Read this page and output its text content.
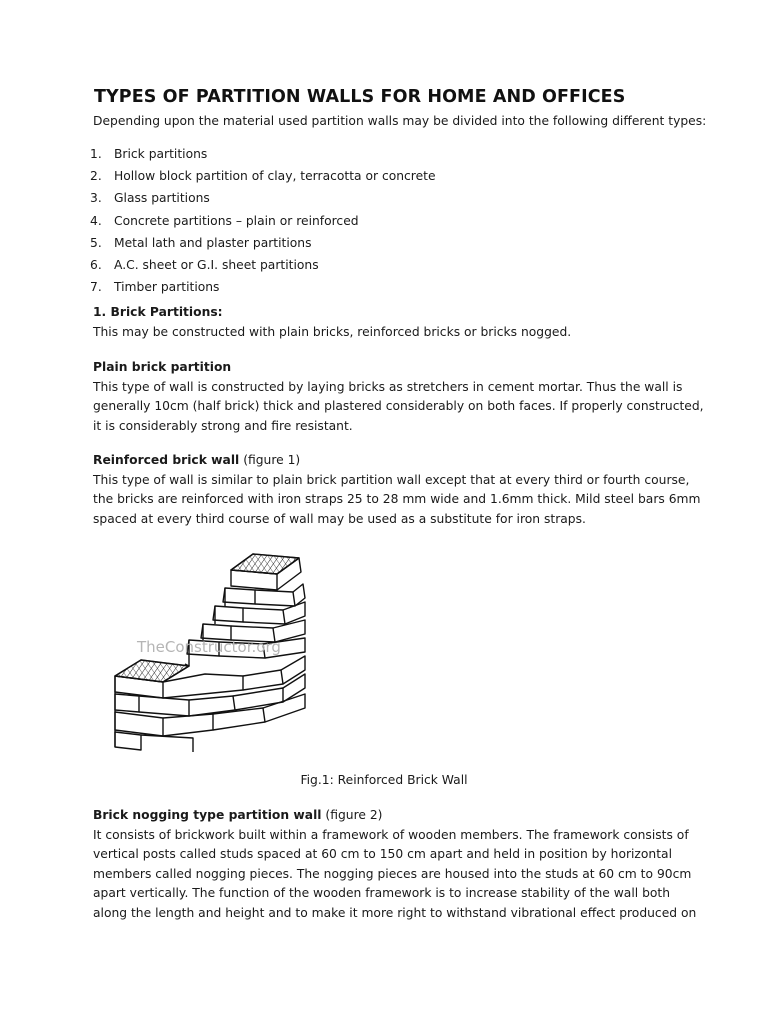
TYPES OF PARTITION WALLS FOR HOME AND OFFICES
Depending upon the material used partition walls may be divided into the following different types:
1. Brick partitions
2. Hollow block partition of clay, terracotta or concrete
3. Glass partitions
4. Concrete partitions – plain or reinforced
5. Metal lath and plaster partitions
6. A.C. sheet or G.I. sheet partitions
7. Timber partitions
1. Brick Partitions:
This may be constructed with plain bricks, reinforced bricks or bricks nogged.
Plain brick partition
This type of wall is constructed by laying bricks as stretchers in cement mortar. Thus the wall is
generally 10cm (half brick) thick and plastered considerably on both faces. If properly constructed,
it is considerably strong and fire resistant.
Reinforced brick wall (figure 1)
This type of wall is similar to plain brick partition wall except that at every third or fourth course,
the bricks are reinforced with iron straps 25 to 28 mm wide and 1.6mm thick. Mild steel bars 6mm
spaced at every third course of wall may be used as a substitute for iron straps.
TheConstructor.org
Fig.1: Reinforced Brick Wall
Brick nogging type partition wall (figure 2)
It consists of brickwork built within a framework of wooden members. The framework consists of
vertical posts called studs spaced at 60 cm to 150 cm apart and held in position by horizontal
members called nogging pieces. The nogging pieces are housed into the studs at 60 cm to 90cm
apart vertically. The function of the wooden framework is to increase stability of the wall both
along the length and height and to make it more right to withstand vibrational effect produced on
